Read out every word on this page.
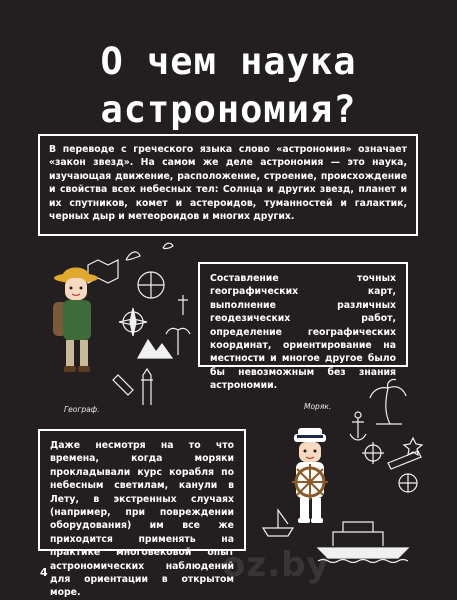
О чем наука
астрономия?

В переводе с греческого языка слово «астрономия» означает «закон звезд». На самом же деле астрономия — это наука, изучающая движение, расположение, строение, происхождение и свойства всех небесных тел: Солнца и других звезд, планет и их спутников, комет и астероидов, туманностей и галактик, черных дыр и метеороидов и многих других.

Географ.

Составление точных географических карт, выполнение различных геодезических работ, определение географических координат, ориентирование на местности и многое другое было бы невозможным без знания астрономии.

Моряк.

Даже несмотря на то что времена, когда моряки прокладывали курс корабля по небесным светилам, канули в Лету, в экстренных случаях (например, при повреждении оборудования) им все же приходится применять на практике многовековой опыт астрономических наблюдений для ориентации в открытом море.

4	oz.by
